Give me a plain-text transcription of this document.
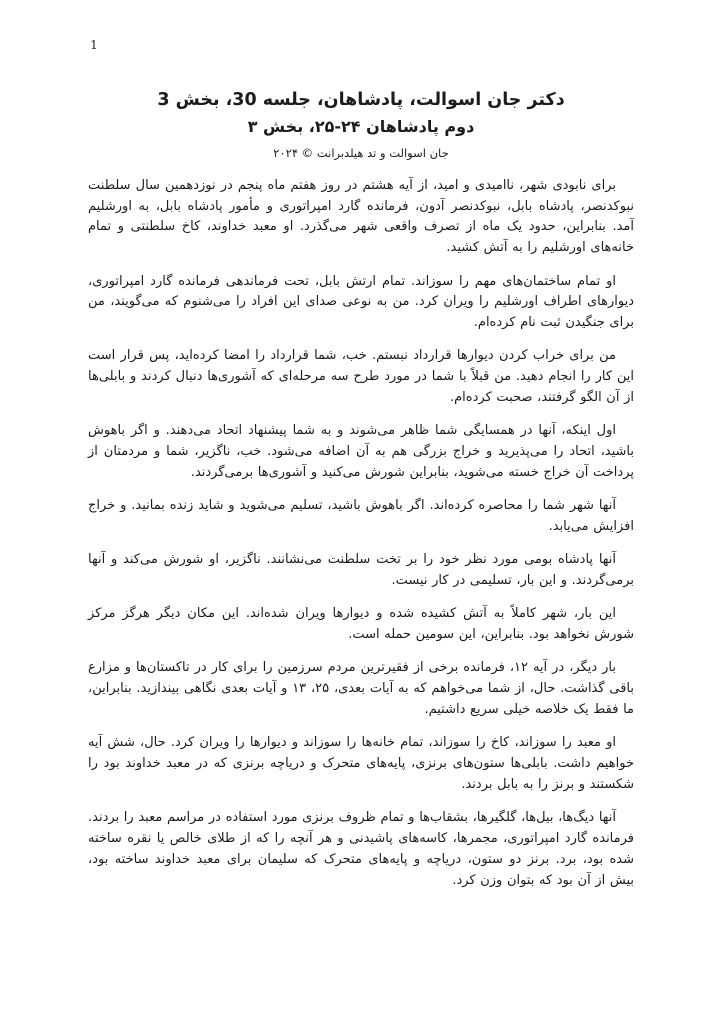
1
دکتر جان اسوالت، پادشاهان، جلسه 30، بخش 3
دوم پادشاهان ۲۴-۲۵، بخش ۳

جان اسوالت و تد هیلدبرانت © ۲۰۲۴

برای نابودی شهر، ناامیدی و امید، از آیه هشتم در روز هفتم ماه پنجم در نوزدهمین سال سلطنت نبوکدنصر، پادشاه بابل، نبوکدنصر آدون، فرمانده گارد امپراتوری و مأمور پادشاه بابل، به اورشلیم آمد. بنابراین، حدود یک ماه از تصرف واقعی شهر می‌گذرد. او معبد خداوند، کاخ سلطنتی و تمام خانه‌های اورشلیم را به آتش کشید.

او تمام ساختمان‌های مهم را سوزاند. تمام ارتش بابل، تحت فرماندهی فرمانده گارد امپراتوری، دیوارهای اطراف اورشلیم را ویران کرد. من به نوعی صدای این افراد را می‌شنوم که می‌گویند، من برای جنگیدن ثبت نام کرده‌ام.

من برای خراب کردن دیوارها قرارداد نبستم. خب، شما قرارداد را امضا کرده‌اید، پس قرار است این کار را انجام دهید. من قبلاً با شما در مورد طرح سه مرحله‌ای که آشوری‌ها دنبال کردند و بابلی‌ها از آن الگو گرفتند، صحبت کرده‌ام.

اول اینکه، آنها در همسایگی شما ظاهر می‌شوند و به شما پیشنهاد اتحاد می‌دهند. و اگر باهوش باشید، اتحاد را می‌پذیرید و خراج بزرگی هم به آن اضافه می‌شود. خب، ناگزیر، شما و مردمتان از پرداخت آن خراج خسته می‌شوید، بنابراین شورش می‌کنید و آشوری‌ها برمی‌گردند.

آنها شهر شما را محاصره کرده‌اند. اگر باهوش باشید، تسلیم می‌شوید و شاید زنده بمانید. و خراج افزایش می‌یابد.

آنها پادشاه بومی مورد نظر خود را بر تخت سلطنت می‌نشانند. ناگزیر، او شورش می‌کند و آنها برمی‌گردند. و این بار، تسلیمی در کار نیست.

این بار، شهر کاملاً به آتش کشیده شده و دیوارها ویران شده‌اند. این مکان دیگر هرگز مرکز شورش نخواهد بود. بنابراین، این سومین حمله است.

بار دیگر، در آیه ۱۲، فرمانده برخی از فقیرترین مردم سرزمین را برای کار در تاکستان‌ها و مزارع باقی گذاشت. حال، از شما می‌خواهم که به آیات بعدی، ۲۵، ۱۳ و آیات بعدی نگاهی بیندازید. بنابراین، ما فقط یک خلاصه خیلی سریع داشتیم.

او معبد را سوزاند، کاخ را سوزاند، تمام خانه‌ها را سوزاند و دیوارها را ویران کرد. حال، شش آیه خواهیم داشت. بابلی‌ها ستون‌های برنزی، پایه‌های متحرک و دریاچه برنزی که در معبد خداوند بود را شکستند و برنز را به بابل بردند.

آنها دیگ‌ها، بیل‌ها، گلگیرها، بشقاب‌ها و تمام ظروف برنزی مورد استفاده در مراسم معبد را بردند. فرمانده گارد امپراتوری، مجمرها، کاسه‌های پاشیدنی و هر آنچه را که از طلای خالص یا نقره ساخته شده بود، برد. برنز دو ستون، دریاچه و پایه‌های متحرک که سلیمان برای معبد خداوند ساخته بود، بیش از آن بود که بتوان وزن کرد.
